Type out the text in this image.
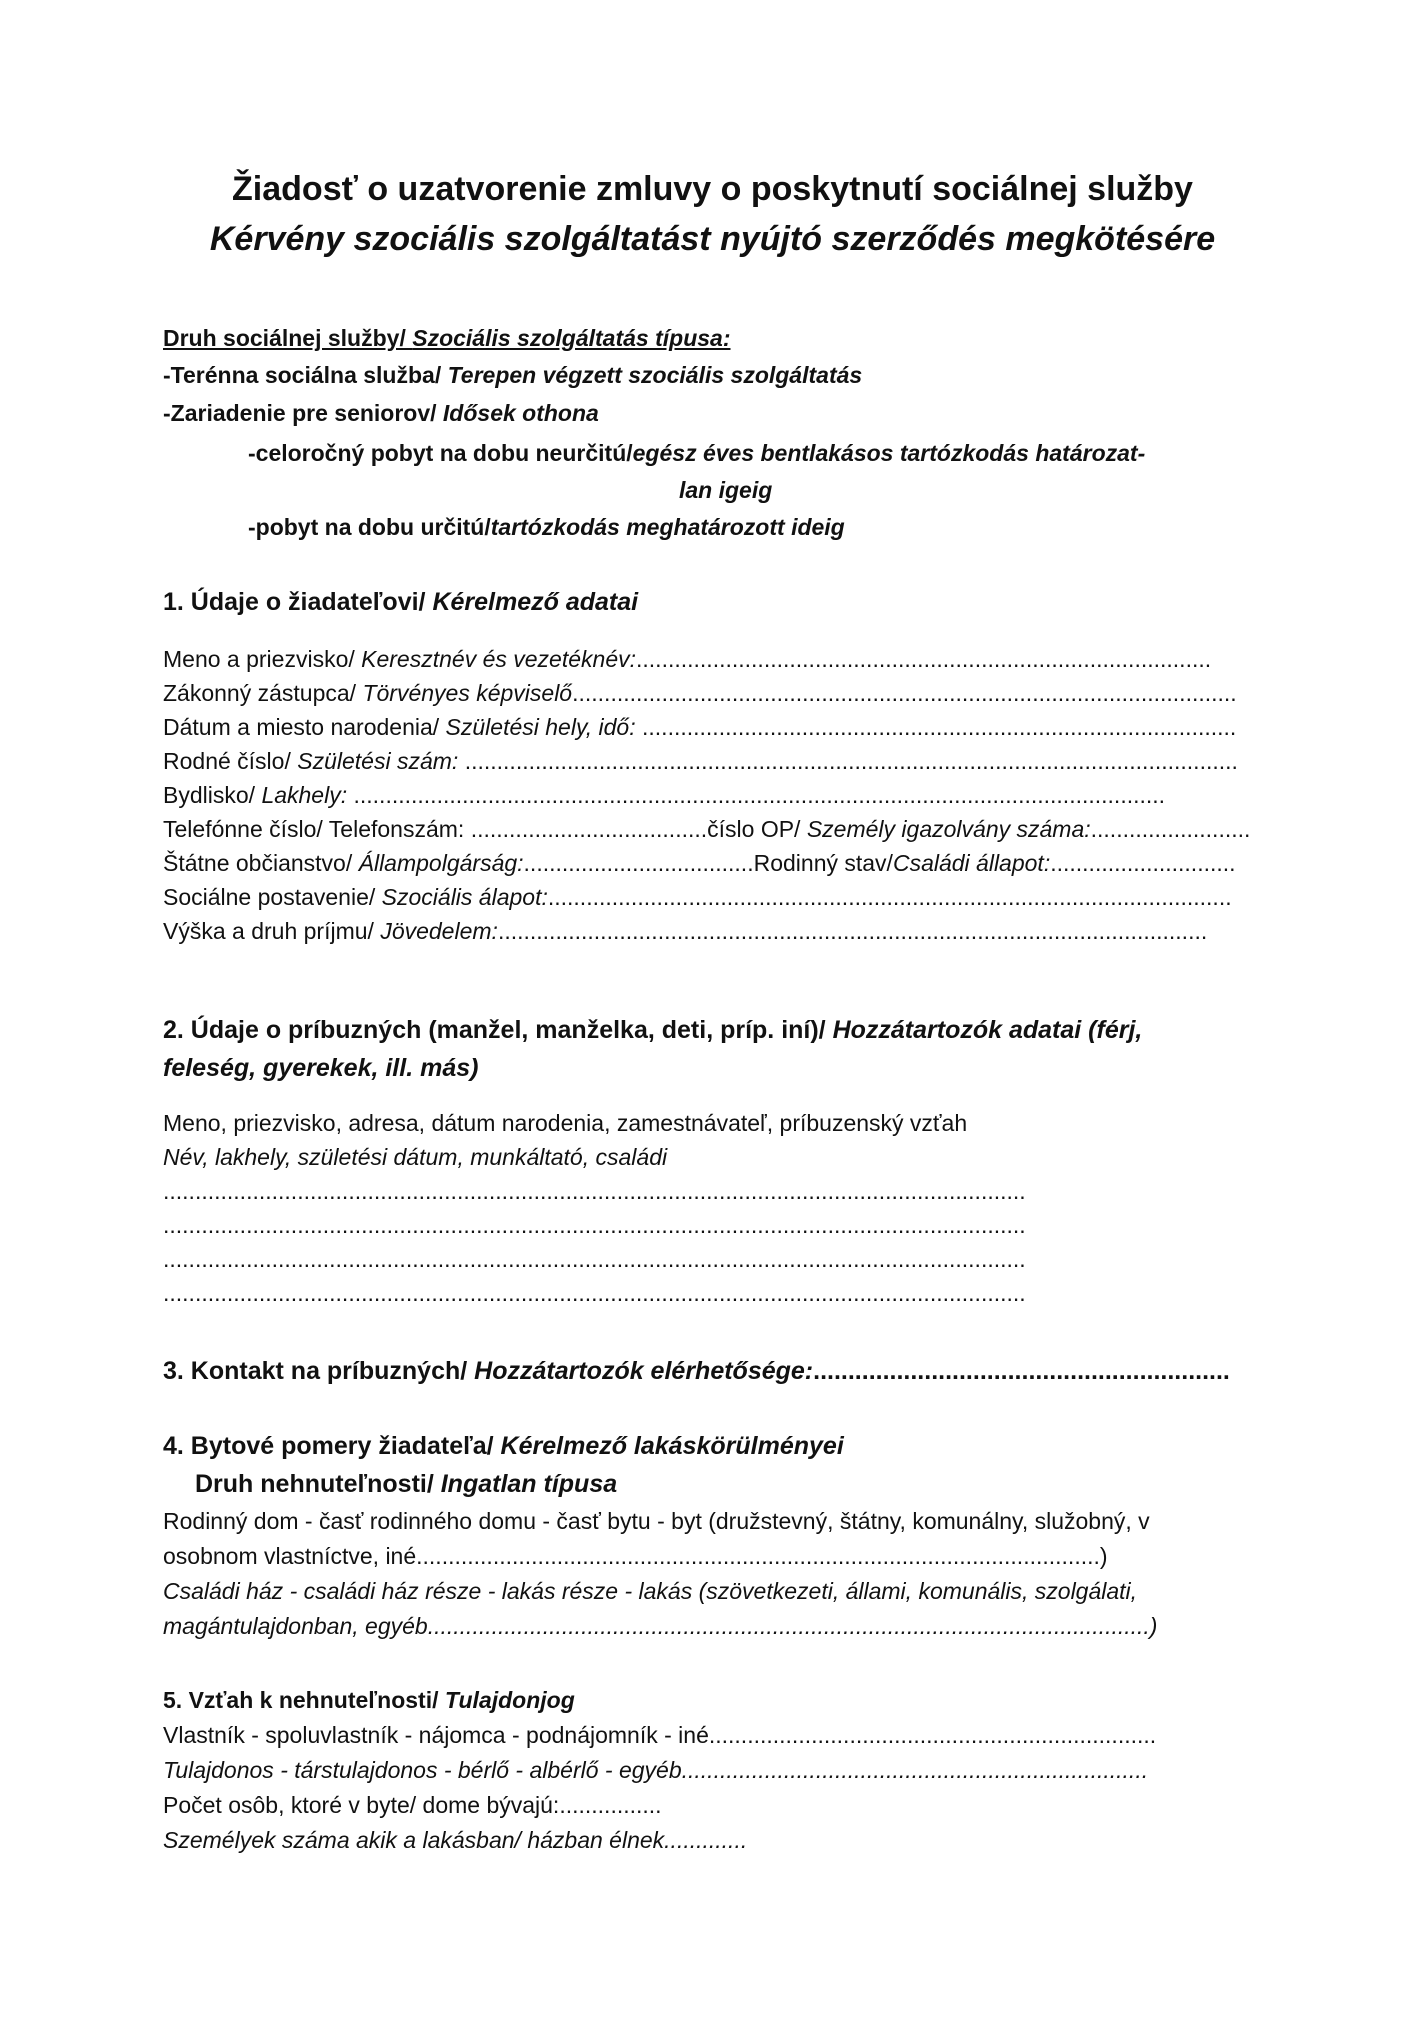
Žiadosť o uzatvorenie zmluvy o poskytnutí sociálnej služby
Kérvény szociális szolgáltatást nyújtó szerződés megkötésére
Druh sociálnej služby/ Szociális szolgáltatás típusa:
-Terénna sociálna služba/ Terepen végzett szociális szolgáltatás
-Zariadenie pre seniorov/ Idősek othona
-celoročný pobyt na dobu neurčitú/egész éves bentlakásos tartózkodás határozat-
lan igeig
-pobyt na dobu určitú/tartózkodás meghatározott ideig
1. Údaje o žiadateľovi/ Kérelmező adatai
Meno a priezvisko/ Keresztnév és vezetéknév:..........................................................................................
Zákonný zástupca/ Törvényes képviselő........................................................................................................
Dátum a miesto narodenia/ Születési hely, idő: .............................................................................................
Rodné číslo/ Születési szám: .........................................................................................................................
Bydlisko/ Lakhely: ...............................................................................................................................
Telefónne číslo/ Telefonszám: .....................................číslo OP/ Személy igazolvány száma:.........................
Štátne občianstvo/ Állampolgárság:....................................Rodinný stav/Családi állapot:.............................
Sociálne postavenie/ Szociális álapot:...........................................................................................................
Výška a druh príjmu/ Jövedelem:...............................................................................................................
2. Údaje o príbuzných (manžel, manželka, deti, príp. iní)/ Hozzátartozók adatai (férj,
feleség, gyerekek, ill. más)
Meno, priezvisko, adresa, dátum narodenia, zamestnávateľ, príbuzenský vzťah
Név, lakhely, születési dátum, munkáltató, családi
.......................................................................................................................................
.......................................................................................................................................
.......................................................................................................................................
.......................................................................................................................................
3. Kontakt na príbuzných/ Hozzátartozók elérhetősége:............................................................
4. Bytové pomery žiadateľa/ Kérelmező lakáskörülményei
Druh nehnuteľnosti/ Ingatlan típusa
Rodinný dom - časť rodinného domu - časť bytu - byt (družstevný, štátny, komunálny, služobný, v
osobnom vlastníctve, iné...........................................................................................................)
Családi ház - családi ház része - lakás része - lakás (szövetkezeti, állami, komunális, szolgálati,
magántulajdonban, egyéb.................................................................................................................)
5. Vzťah k nehnuteľnosti/ Tulajdonjog
Vlastník - spoluvlastník - nájomca - podnájomník - iné......................................................................
Tulajdonos - társtulajdonos - bérlő - albérlő - egyéb.........................................................................
Počet osôb, ktoré v byte/ dome bývajú:................
Személyek száma akik a lakásban/ házban élnek.............
